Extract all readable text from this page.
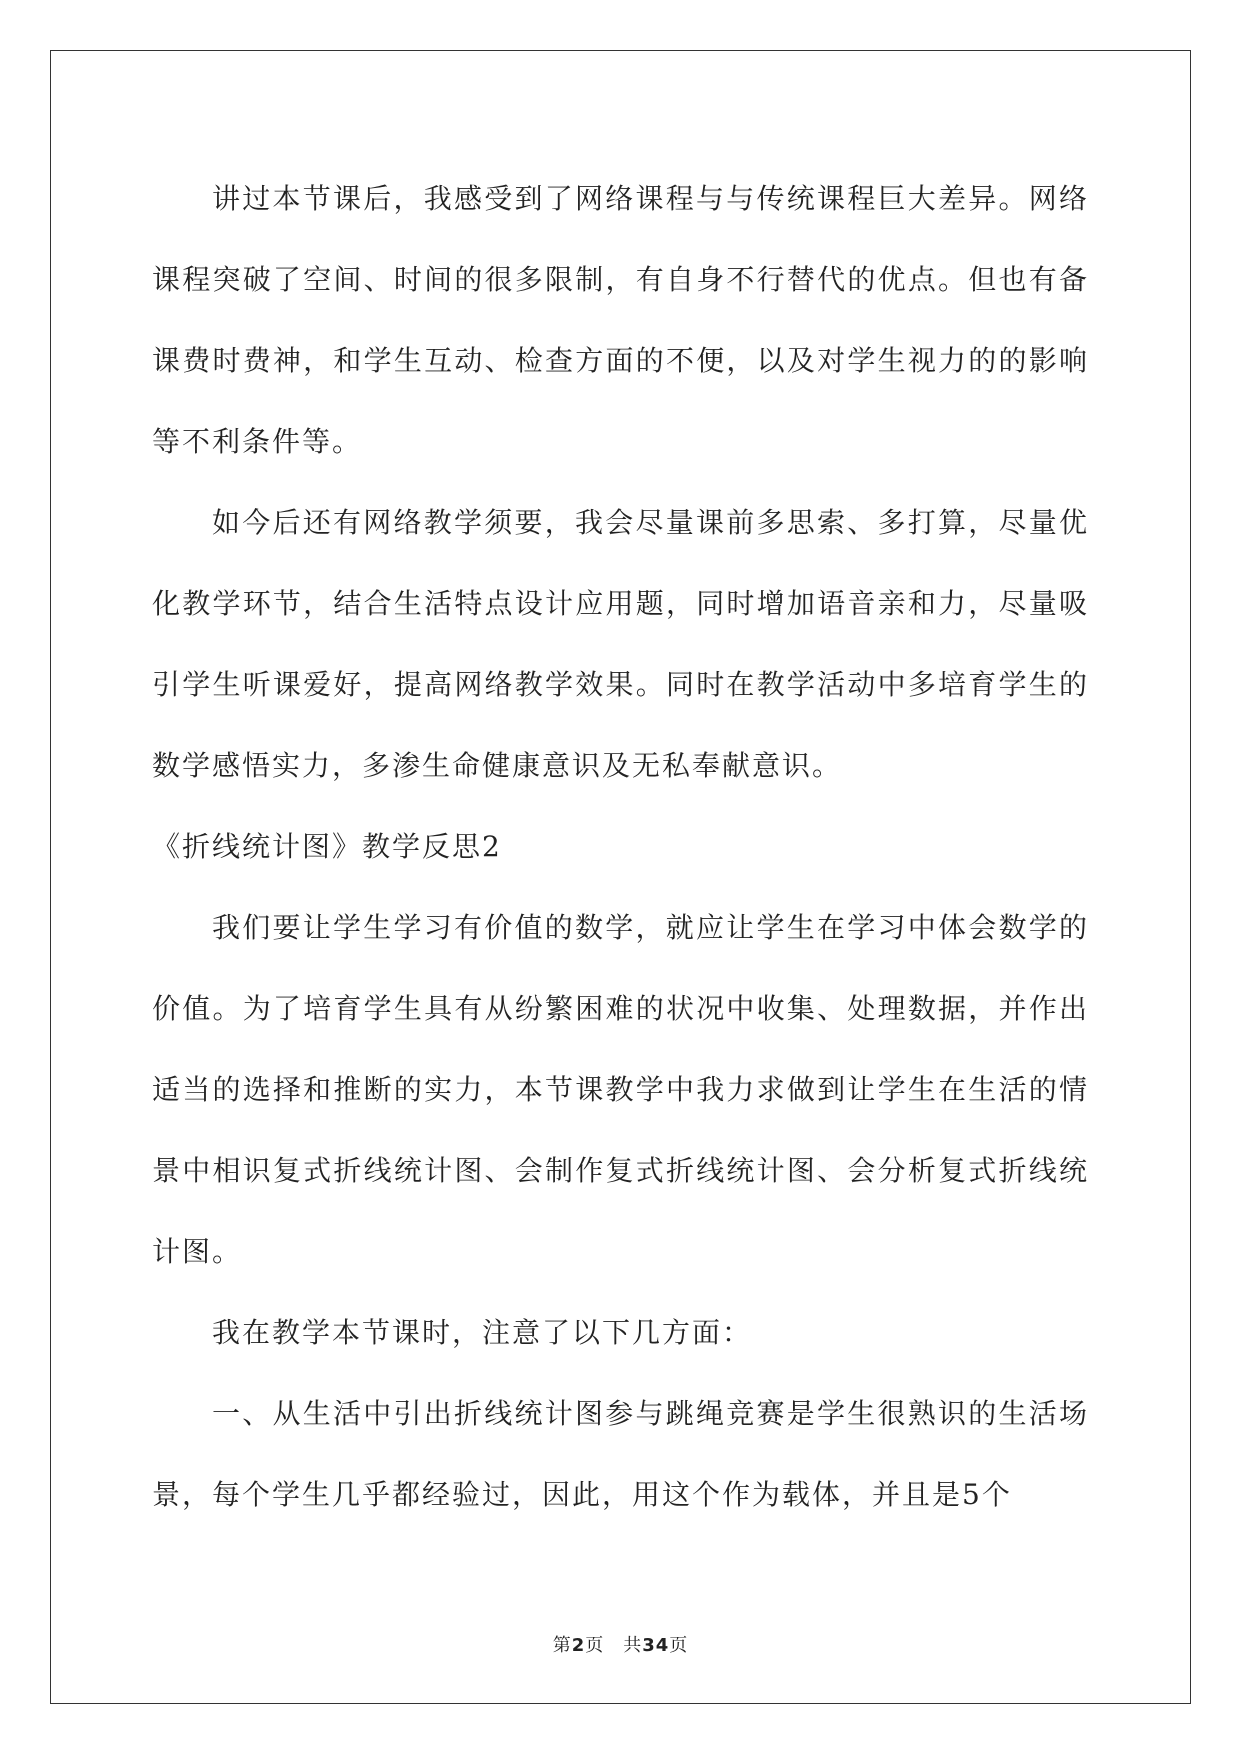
讲过本节课后，我感受到了网络课程与与传统课程巨大差异。网络课程突破了空间、时间的很多限制，有自身不行替代的优点。但也有备课费时费神，和学生互动、检查方面的不便，以及对学生视力的的影响等不利条件等。

如今后还有网络教学须要，我会尽量课前多思索、多打算，尽量优化教学环节，结合生活特点设计应用题，同时增加语音亲和力，尽量吸引学生听课爱好，提高网络教学效果。同时在教学活动中多培育学生的数学感悟实力，多渗生命健康意识及无私奉献意识。

《折线统计图》教学反思2

我们要让学生学习有价值的数学，就应让学生在学习中体会数学的价值。为了培育学生具有从纷繁困难的状况中收集、处理数据，并作出适当的选择和推断的实力，本节课教学中我力求做到让学生在生活的情景中相识复式折线统计图、会制作复式折线统计图、会分析复式折线统计图。

我在教学本节课时，注意了以下几方面：

一、从生活中引出折线统计图参与跳绳竞赛是学生很熟识的生活场景，每个学生几乎都经验过，因此，用这个作为载体，并且是5个

第2页　共34页
